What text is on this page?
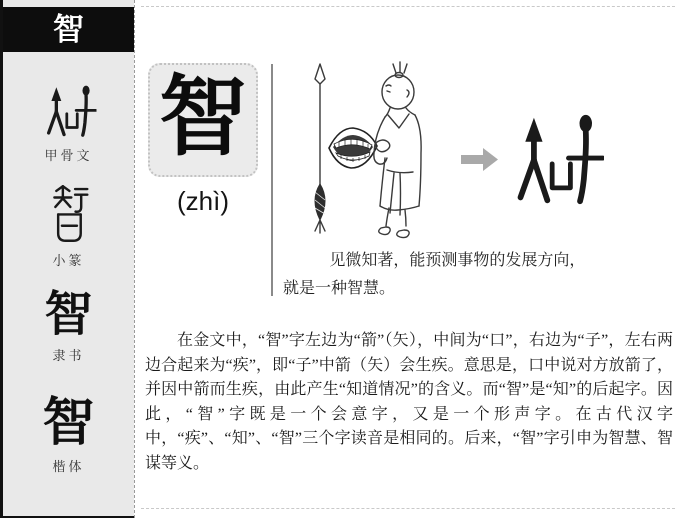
智
甲骨文
小篆
智
隶书
智
楷体
智
(zhì)
见微知著，能预测事物的发展方向，
就是一种智慧。

在金文中，“智”字左边为“箭”（矢），中间为“口”，右边为“子”，左右两边合起来为“疾”，即“子”中箭（矢）会生疾。意思是，口中说对方放箭了，并因中箭而生疾，由此产生“知道情况”的含义。而“智”是“知”的后起字。因此，“智”字既是一个会意字，又是一个形声字。在古代汉字中，“疾”、“知”、“智”三个字读音是相同的。后来，“智”字引申为智慧、智谋等义。
